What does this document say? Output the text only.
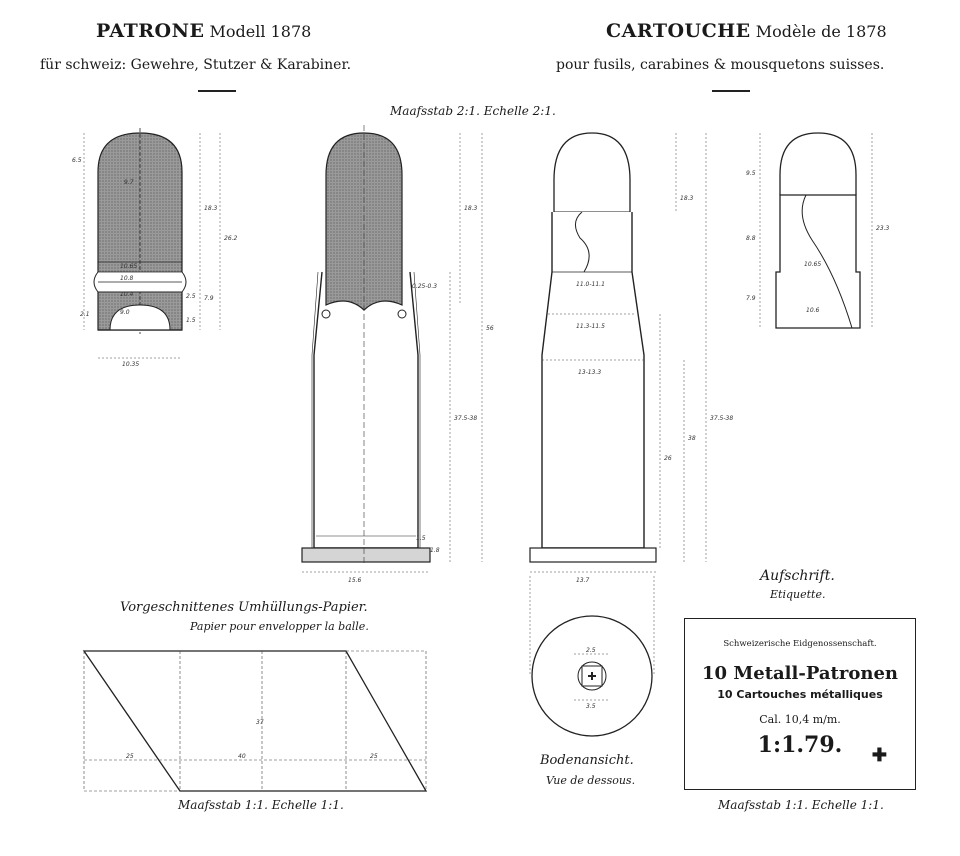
PATRONE Modell 1878
für schweiz: Gewehre, Stutzer & Karabiner.
CARTOUCHE Modèle de 1878
pour fusils, carabines & mousquetons suisses.
Maafsstab 2:1. Echelle 2:1.
Vorgeschnittenes Umhüllungs-Papier.
Papier pour envelopper la balle.
Maafsstab 1:1. Echelle 1:1.
Bodenansicht.
Vue de dessous.
Aufschrift.
Etiquette.
Schweizerische Eidgenossenschaft.
10 Metall-Patronen
10 Cartouches métalliques
Cal. 10,4 m/m.
1:1.79.	✚
Maafsstab 1:1. Echelle 1:1.
10.35
6.5
9.7
18.3
10.65
10.8
10.4
9.0
2.1
1.5
2.5 7.9
26.2
18.3
0.25-0.3
56
37.5-38
15.6
1.5
1.8
11.0-11.1
11.3-11.5
13-13.3
18.3
26
38
37.5-38
13.7
9.5
8.8
7.9
10.65
10.6
23.3
25	40	25
37
2.5
3.5
